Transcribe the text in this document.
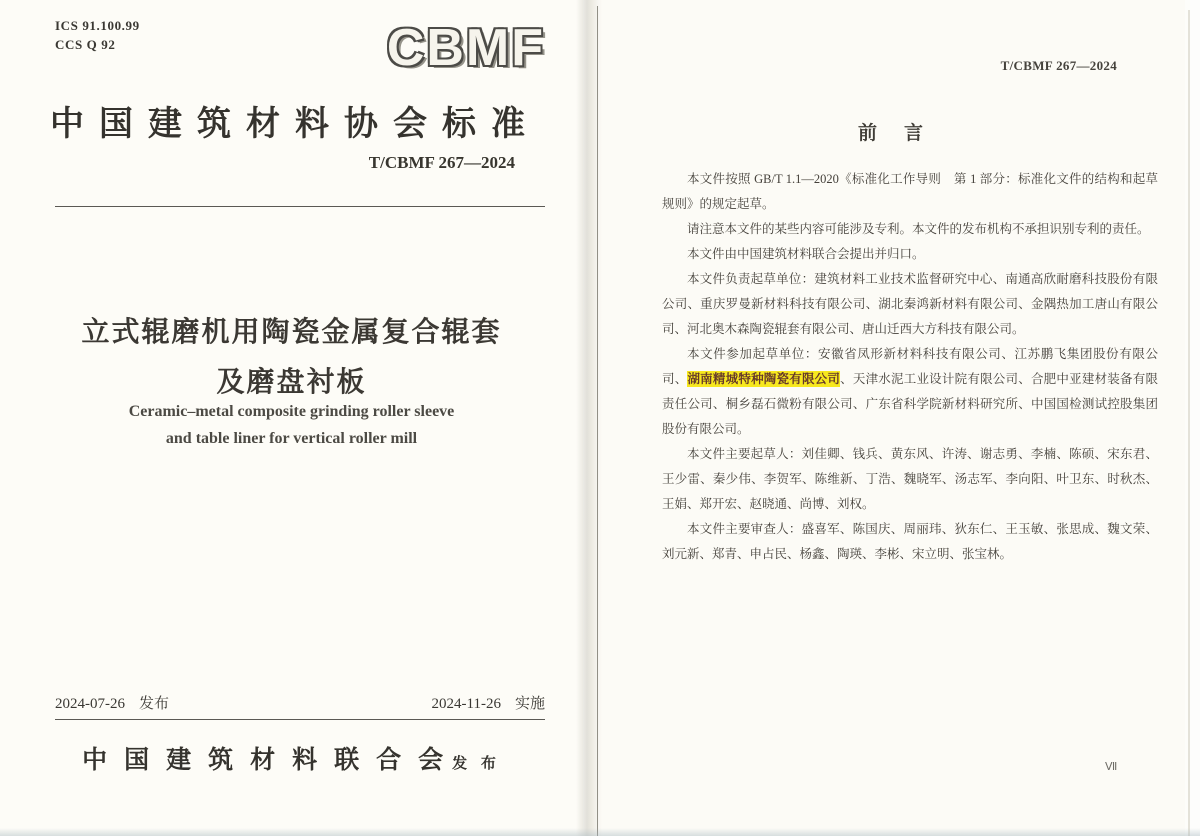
ICS 91.100.99
CCS Q 92	CBMF
中国建筑材料协会标准
T/CBMF 267—2024
立式辊磨机用陶瓷金属复合辊套
及磨盘衬板
Ceramic–metal composite grinding roller sleeve
and table liner for vertical roller mill
2024-07-26 发布	2024-11-26 实施
中国建筑材料联合会发 布
T/CBMF 267—2024
前　言

本文件按照 GB/T 1.1—2020《标准化工作导则　第 1 部分：标准化文件的结构和起草规则》的规定起草。

请注意本文件的某些内容可能涉及专利。本文件的发布机构不承担识别专利的责任。

本文件由中国建筑材料联合会提出并归口。

本文件负责起草单位：建筑材料工业技术监督研究中心、南通高欣耐磨科技股份有限公司、重庆罗曼新材料科技有限公司、湖北秦鸿新材料有限公司、金隅热加工唐山有限公司、河北奥木森陶瓷辊套有限公司、唐山迁西大方科技有限公司。

本文件参加起草单位：安徽省凤形新材料科技有限公司、江苏鹏飞集团股份有限公司、湖南精城特种陶瓷有限公司、天津水泥工业设计院有限公司、合肥中亚建材装备有限责任公司、桐乡磊石微粉有限公司、广东省科学院新材料研究所、中国国检测试控股集团股份有限公司。

本文件主要起草人：刘佳卿、钱兵、黄东风、许涛、谢志勇、李楠、陈硕、宋东君、王少雷、秦少伟、李贺军、陈维新、丁浩、魏晓军、汤志军、李向阳、叶卫东、时秋杰、王娟、郑开宏、赵晓通、尚博、刘权。

本文件主要审查人：盛喜军、陈国庆、周丽玮、狄东仁、王玉敏、张思成、魏文荣、刘元新、郑青、申占民、杨鑫、陶瑛、李彬、宋立明、张宝林。

Ⅶ
